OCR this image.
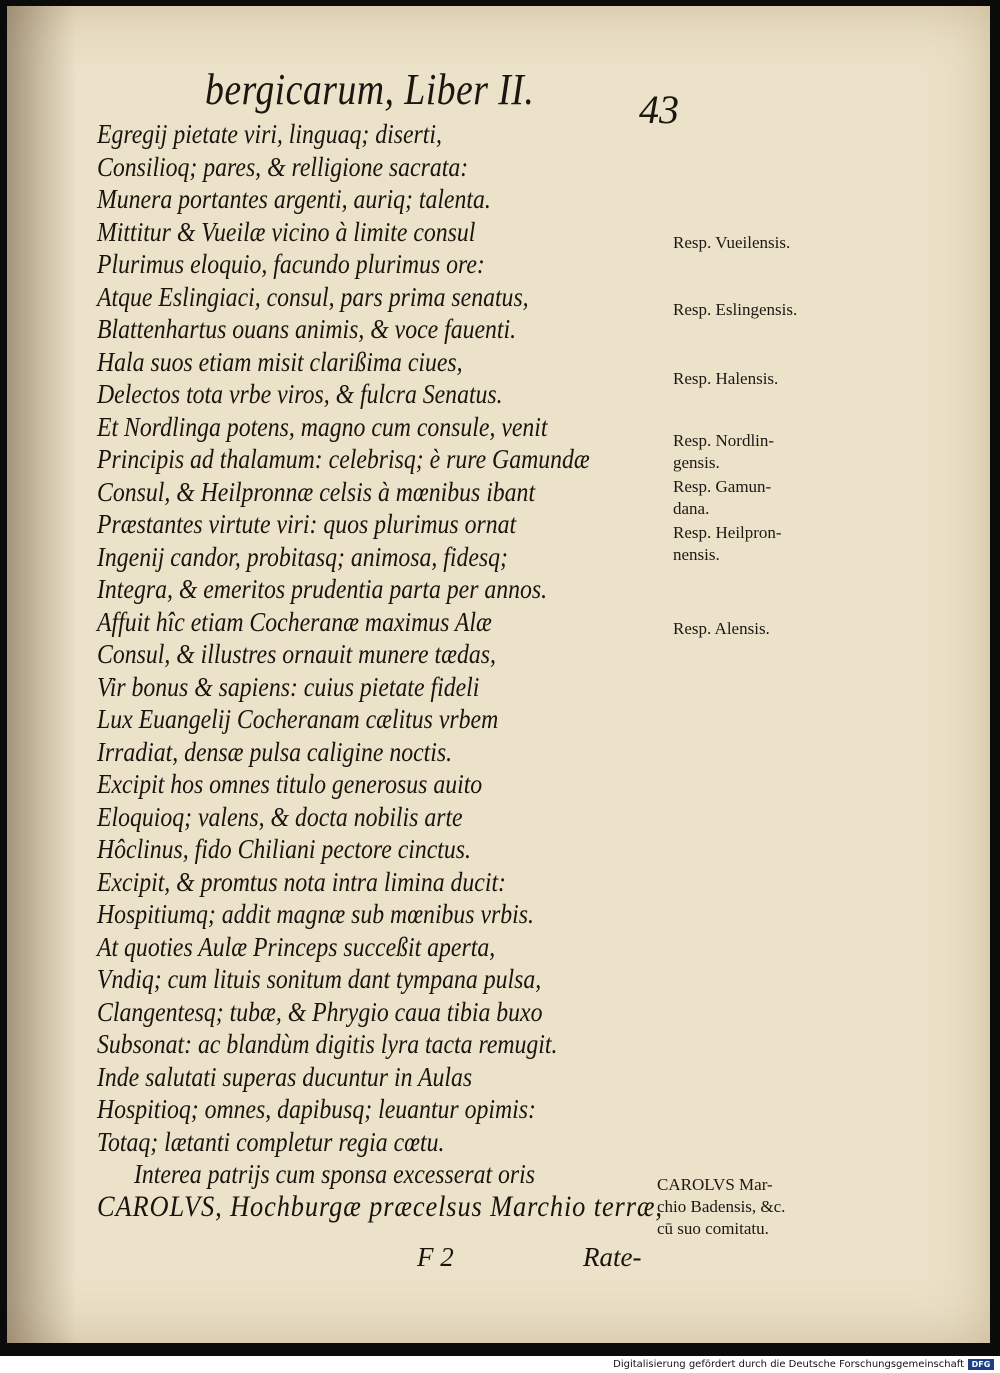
bergicarum, Liber II.	43
Egregij pietate viri, linguaq; diserti,
Consilioq; pares, & relligione sacrata:
Munera portantes argenti, auriq; talenta.
Mittitur & Vueilæ vicino à limite consul
Plurimus eloquio, facundo plurimus ore:
Atque Eslingiaci, consul, pars prima senatus,
Blattenhartus ouans animis, & voce fauenti.
Hala suos etiam misit clarißima ciues,
Delectos tota vrbe viros, & fulcra Senatus.
Et Nordlinga potens, magno cum consule, venit
Principis ad thalamum: celebrisq; è rure Gamundæ
Consul, & Heilpronnæ celsis à mœnibus ibant
Præstantes virtute viri: quos plurimus ornat
Ingenij candor, probitasq; animosa, fidesq;
Integra, & emeritos prudentia parta per annos.
Affuit hîc etiam Cocheranæ maximus Alæ
Consul, & illustres ornauit munere tædas,
Vir bonus & sapiens: cuius pietate fideli
Lux Euangelij Cocheranam cælitus vrbem
Irradiat, densæ pulsa caligine noctis.
Excipit hos omnes titulo generosus auito
Eloquioq; valens, & docta nobilis arte
Hôclinus, fido Chiliani pectore cinctus.
Excipit, & promtus nota intra limina ducit:
Hospitiumq; addit magnæ sub mœnibus vrbis.
At quoties Aulæ Princeps succeßit aperta,
Vndiq; cum lituis sonitum dant tympana pulsa,
Clangentesq; tubæ, & Phrygio caua tibia buxo
Subsonat: ac blandùm digitis lyra tacta remugit.
Inde salutati superas ducuntur in Aulas
Hospitioq; omnes, dapibusq; leuantur opimis:
Totaq; lætanti completur regia cœtu.
Interea patrijs cum sponsa excesserat oris
CAROLVS, Hochburgæ præcelsus Marchio terræ,
F 2	Rate-
Resp. Vueilensis.
Resp. Eslingensis.
Resp. Halensis.
Resp. Nordlin-
gensis.
Resp. Gamun-
dana.
Resp. Heilpron-
nensis.
Resp. Alensis.
CAROLVS Mar-
chio Badensis, &c.
cū suo comitatu.
Digitalisierung gefördert durch die Deutsche Forschungsgemeinschaft DFG
